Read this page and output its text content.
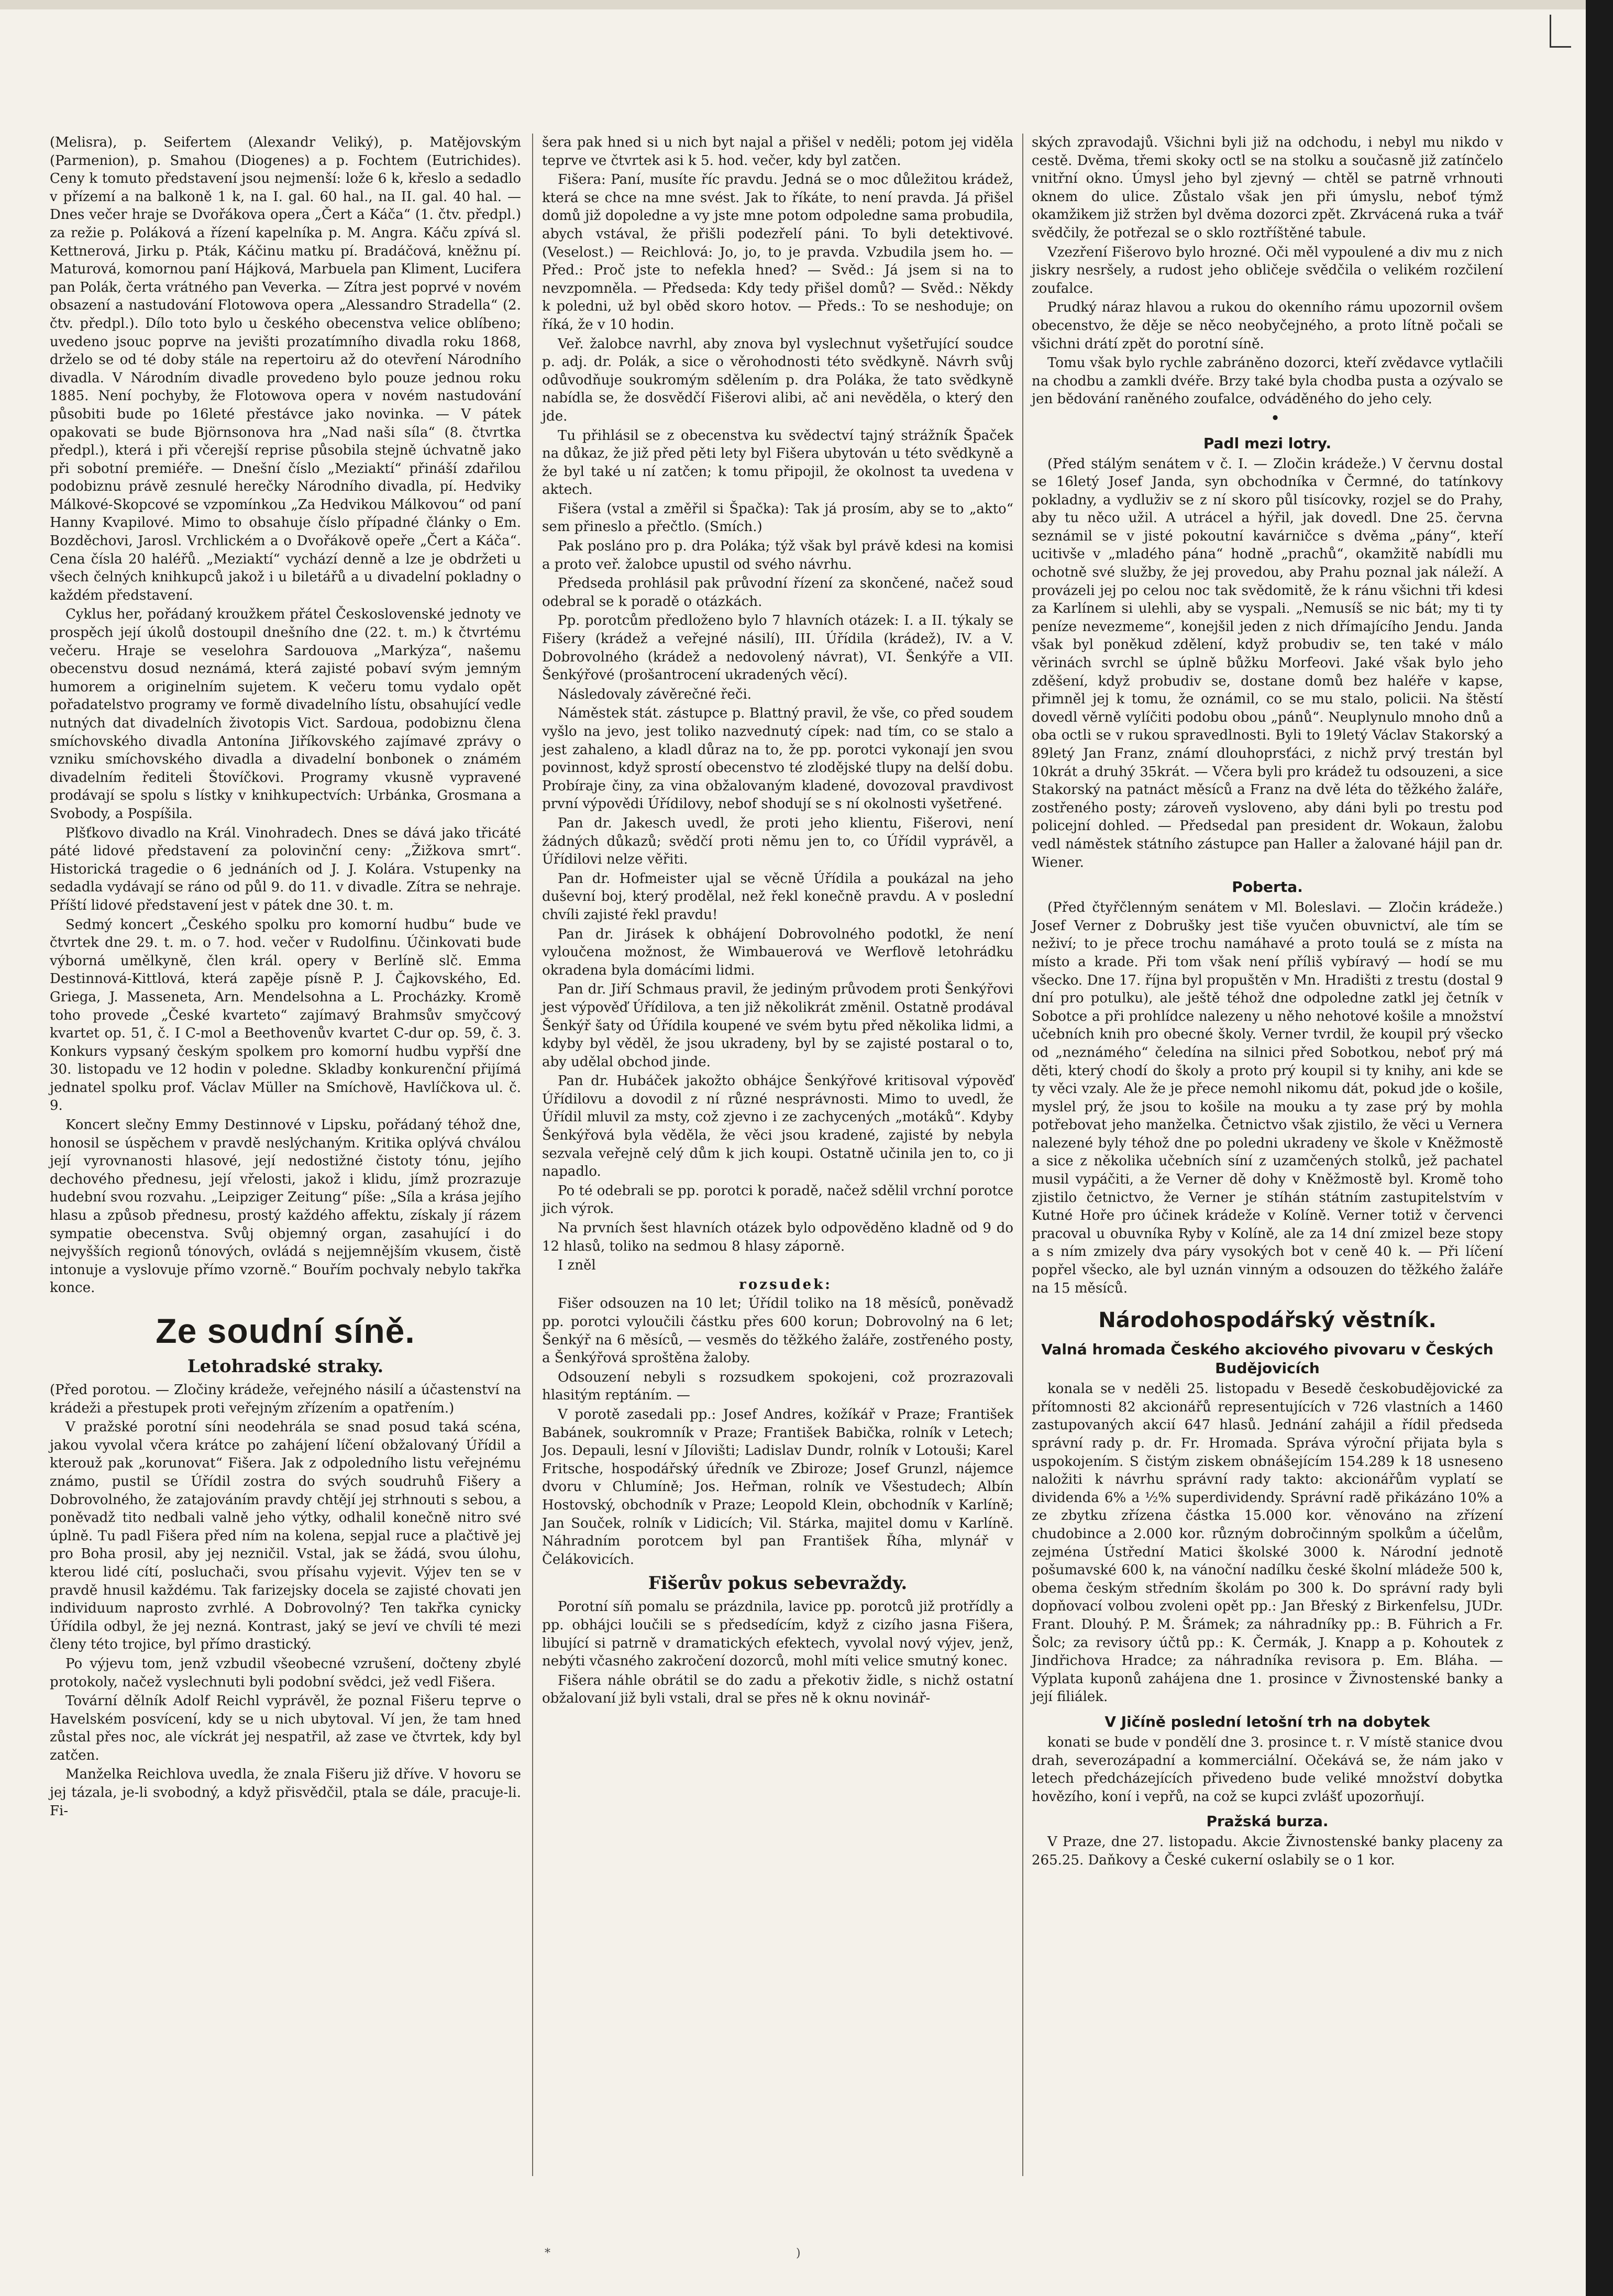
(Melisra), p. Seifertem (Alexandr Veliký), p. Matějovským (Parmenion), p. Smahou (Diogenes) a p. Fochtem (Eutrichides). Ceny k tomuto představení jsou nejmenší: lože 6 k, křeslo a sedadlo v přízemí a na balkoně 1 k, na I. gal. 60 hal., na II. gal. 40 hal. — Dnes večer hraje se Dvořákova opera „Čert a Káča“ (1. čtv. předpl.) za režie p. Poláková a řízení kapelníka p. M. Angra. Káču zpívá sl. Kettnerová, Jirku p. Pták, Káčinu matku pí. Bradáčová, kněžnu pí. Maturová, komornou paní Hájková, Marbuela pan Kliment, Lucifera pan Polák, čerta vrátného pan Veverka. — Zítra jest poprvé v novém obsazení a nastudování Flotowova opera „Alessandro Stradella“ (2. čtv. předpl.). Dílo toto bylo u českého obecenstva velice oblíbeno; uvedeno jsouc poprve na jevišti prozatímního divadla roku 1868, drželo se od té doby stále na repertoiru až do otevření Národního divadla. V Národním divadle provedeno bylo pouze jednou roku 1885. Není pochyby, že Flotowova opera v novém nastudování působiti bude po 16leté přestávce jako novinka. — V pátek opakovati se bude Björnsonova hra „Nad naši síla“ (8. čtvrtka předpl.), která i při včerejší reprise působila stejně úchvatně jako při sobotní premiéře. — Dnešní číslo „Meziaktí“ přináší zdařilou podobiznu právě zesnulé herečky Národního divadla, pí. Hedviky Málkové-Skopcové se vzpomínkou „Za Hedvikou Málkovou“ od paní Hanny Kvapilové. Mimo to obsahuje číslo případné články o Em. Bozděchovi, Jarosl. Vrchlickém a o Dvořákově opeře „Čert a Káča“. Cena čísla 20 haléřů. „Meziaktí“ vychází denně a lze je obdržeti u všech čelných knihkupců jakož i u biletářů a u divadelní pokladny o každém představení.

Cyklus her, pořádaný kroužkem přátel Československé jednoty ve prospěch její úkolů dostoupil dnešního dne (22. t. m.) k čtvrtému večeru. Hraje se veselohra Sardouova „Markýza“, našemu obecenstvu dosud neznámá, která zajisté pobaví svým jemným humorem a originelním sujetem. K večeru tomu vydalo opět pořadatelstvo programy ve formě divadelního lístu, obsahující vedle nutných dat divadelních životopis Vict. Sardoua, podobiznu člena smíchovského divadla Antonína Jiříkovského zajímavé zprávy o vzniku smíchovského divadla a divadelní bonbonek o známém divadelním řediteli Štovíčkovi. Programy vkusně vypravené prodávají se spolu s lístky v knihkupectvích: Urbánka, Grosmana a Svobody, a Pospíšila.

Plšťkovo divadlo na Král. Vinohradech. Dnes se dává jako třicáté páté lidové představení za polovinční ceny: „Žižkova smrt“. Historická tragedie o 6 jednáních od J. J. Kolára. Vstupenky na sedadla vydávají se ráno od půl 9. do 11. v divadle. Zítra se nehraje. Příští lidové představení jest v pátek dne 30. t. m.

Sedmý koncert „Českého spolku pro komorní hudbu“ bude ve čtvrtek dne 29. t. m. o 7. hod. večer v Rudolfinu. Účinkovati bude výborná umělkyně, člen král. opery v Berlíně slč. Emma Destinnová-Kittlová, která zapěje písně P. J. Čajkovského, Ed. Griega, J. Masseneta, Arn. Mendelsohna a L. Procházky. Kromě toho provede „České kvarteto“ zajímavý Brahmsův smyčcový kvartet op. 51, č. I C-mol a Beethovenův kvartet C-dur op. 59, č. 3. Konkurs vypsaný českým spolkem pro komorní hudbu vypřší dne 30. listopadu ve 12 hodin v poledne. Skladby konkurenční přijímá jednatel spolku prof. Václav Müller na Smíchově, Havlíčkova ul. č. 9.

Koncert slečny Emmy Destinnové v Lipsku, pořádaný téhož dne, honosil se úspěchem v pravdě neslýchaným. Kritika oplývá chválou její vyrovnanosti hlasové, její nedostižné čistoty tónu, jejího dechového přednesu, její vřelosti, jakož i klidu, jímž prozrazuje hudební svou rozvahu. „Leipziger Zeitung“ píše: „Síla a krása jejího hlasu a způsob přednesu, prostý každého affektu, získaly jí rázem sympatie obecenstva. Svůj objemný organ, zasahující i do nejvyšších regionů tónových, ovládá s nejjemnějším vkusem, čistě intonuje a vyslovuje přímo vzorně.“ Bouřím pochvaly nebylo takřka konce.

Ze soudní síně.
Letohradské straky.

(Před porotou. — Zločiny krádeže, veřejného násilí a účastenství na krádeži a přestupek proti veřejným zřízením a opatřením.)

V pražské porotní síni neodehrála se snad posud taká scéna, jakou vyvolal včera krátce po zahájení líčení obžalovaný Úřídil a kterouž pak „korunovat“ Fišera. Jak z odpoledního listu veřejnému známo, pustil se Úřídil zostra do svých soudruhů Fišery a Dobrovolného, že zatajováním pravdy chtějí jej strhnouti s sebou, a poněvadž tito nedbali valně jeho výtky, odhalil konečně nitro své úplně. Tu padl Fišera před ním na kolena, sepjal ruce a plačtivě jej pro Boha prosil, aby jej nezničil. Vstal, jak se žádá, svou úlohu, kterou lidé cítí, posluchači, svou přísahu vyjevit. Výjev ten se v pravdě hnusil každému. Tak farizejsky docela se zajisté chovati jen individuum naprosto zvrhlé. A Dobrovolný? Ten takřka cynicky Úřídila odbyl, že jej nezná. Kontrast, jaký se jeví ve chvíli té mezi členy této trojice, byl přímo drastický.

Po výjevu tom, jenž vzbudil všeobecné vzrušení, dočteny zbylé protokoly, načež vyslechnuti byli podobní svědci, jež vedl Fišera.

Tovární dělník Adolf Reichl vyprávěl, že poznal Fišeru teprve o Havelském posvícení, kdy se u nich ubytoval. Ví jen, že tam hned zůstal přes noc, ale víckrát jej nespatřil, až zase ve čtvrtek, kdy byl zatčen.

Manželka Reichlova uvedla, že znala Fišeru již dříve. V hovoru se jej tázala, je-li svobodný, a když přisvědčil, ptala se dále, pracuje-li. Fi-

šera pak hned si u nich byt najal a přišel v neděli; potom jej viděla teprve ve čtvrtek asi k 5. hod. večer, kdy byl zatčen.

Fišera: Paní, musíte říc pravdu. Jedná se o moc důležitou krádež, která se chce na mne svést. Jak to říkáte, to není pravda. Já přišel domů již dopoledne a vy jste mne potom odpoledne sama probudila, abych vstával, že přišli podezřelí páni. To byli detektivové. (Veselost.) — Reichlová: Jo, jo, to je pravda. Vzbudila jsem ho. — Před.: Proč jste to nefekla hned? — Svěd.: Já jsem si na to nevzpomněla. — Předseda: Kdy tedy přišel domů? — Svěd.: Někdy k poledni, už byl oběd skoro hotov. — Předs.: To se neshoduje; on říká, že v 10 hodin.

Veř. žalobce navrhl, aby znova byl vyslechnut vyšetřující soudce p. adj. dr. Polák, a sice o věrohodnosti této svědkyně. Návrh svůj odůvodňuje soukromým sdělením p. dra Poláka, že tato svědkyně nabídla se, že dosvědčí Fišerovi alibi, ač ani nevěděla, o který den jde.

Tu přihlásil se z obecenstva ku svědectví tajný strážník Špaček na důkaz, že již před pěti lety byl Fišera ubytován u této svědkyně a že byl také u ní zatčen; k tomu připojil, že okolnost ta uvedena v aktech.

Fišera (vstal a změřil si Špačka): Tak já prosím, aby se to „akto“ sem přineslo a přečtlo. (Smích.)

Pak posláno pro p. dra Poláka; týž však byl právě kdesi na komisi a proto veř. žalobce upustil od svého návrhu.

Předseda prohlásil pak průvodní řízení za skončené, načež soud odebral se k poradě o otázkách.

Pp. porotcům předloženo bylo 7 hlavních otázek: I. a II. týkaly se Fišery (krádež a veřejné násilí), III. Úřídila (krádež), IV. a V. Dobrovolného (krádež a nedovolený návrat), VI. Šenkýře a VII. Šenkýřové (prošantrocení ukradených věcí).

Následovaly závěrečné řeči.

Náměstek stát. zástupce p. Blattný pravil, že vše, co před soudem vyšlo na jevo, jest toliko nazvednutý cípek: nad tím, co se stalo a jest zahaleno, a kladl důraz na to, že pp. porotci vykonají jen svou povinnost, když sprostí obecenstvo té zlodějské tlupy na delší dobu. Probíraje činy, za vina obžalovaným kladené, dovozoval pravdivost první výpovědi Úřídilovy, nebof shodují se s ní okolnosti vyšetřené.

Pan dr. Jakesch uvedl, že proti jeho klientu, Fišerovi, není žádných důkazů; svědčí proti němu jen to, co Úřídil vyprávěl, a Úřídilovi nelze věřiti.

Pan dr. Hofmeister ujal se věcně Úřídila a poukázal na jeho duševní boj, který prodělal, než řekl konečně pravdu. A v poslední chvíli zajisté řekl pravdu!

Pan dr. Jirásek k obhájení Dobrovolného podotkl, že není vyloučena možnost, že Wimbauerová ve Werflově letohrádku okradena byla domácími lidmi.

Pan dr. Jiří Schmaus pravil, že jediným průvodem proti Šenkýřovi jest výpověď Úřídilova, a ten již několikrát změnil. Ostatně prodával Šenkýř šaty od Úřídila koupené ve svém bytu před několika lidmi, a kdyby byl věděl, že jsou ukradeny, byl by se zajisté postaral o to, aby udělal obchod jinde.

Pan dr. Hubáček jakožto obhájce Šenkýřové kritisoval výpověď Úřídilovu a dovodil z ní různé nesprávnosti. Mimo to uvedl, že Úřídil mluvil za msty, což zjevno i ze zachycených „motáků“. Kdyby Šenkýřová byla věděla, že věci jsou kradené, zajisté by nebyla sezvala veřejně celý dům k jich koupi. Ostatně učinila jen to, co ji napadlo.

Po té odebrali se pp. porotci k poradě, načež sdělil vrchní porotce jich výrok.

Na prvních šest hlavních otázek bylo odpověděno kladně od 9 do 12 hlasů, toliko na sedmou 8 hlasy záporně.

I zněl

rozsudek:

Fišer odsouzen na 10 let; Úřídil toliko na 18 měsíců, poněvadž pp. porotci vyloučili částku přes 600 korun; Dobrovolný na 6 let; Šenkýř na 6 měsíců, — vesměs do těžkého žaláře, zostřeného posty, a Šenkýřová sproštěna žaloby.

Odsouzení nebyli s rozsudkem spokojeni, což prozrazovali hlasitým reptáním. —

V porotě zasedali pp.: Josef Andres, kožíkář v Praze; František Babánek, soukromník v Praze; František Babička, rolník v Letech; Jos. Depauli, lesní v Jílovišti; Ladislav Dundr, rolník v Lotouši; Karel Fritsche, hospodářský úředník ve Zbiroze; Josef Grunzl, nájemce dvoru v Chlumíně; Jos. Heřman, rolník ve Všestudech; Albín Hostovský, obchodník v Praze; Leopold Klein, obchodník v Karlíně; Jan Souček, rolník v Lidicích; Vil. Stárka, majitel domu v Karlíně. Náhradním porotcem byl pan František Říha, mlynář v Čelákovicích.

Fišerův pokus sebevraždy.

Porotní síň pomalu se prázdnila, lavice pp. porotců již protřídly a pp. obhájci loučili se s předsedícím, když z cizího jasna Fišera, libující si patrně v dramatických efektech, vyvolal nový výjev, jenž, nebýti včasného zakročení dozorců, mohl míti velice smutný konec.

Fišera náhle obrátil se do zadu a překotiv židle, s nichž ostatní obžalovaní již byli vstali, dral se přes ně k oknu novinář-

ských zpravodajů. Všichni byli již na odchodu, i nebyl mu nikdo v cestě. Dvěma, třemi skoky octl se na stolku a současně již zatínčelo vnitřní okno. Úmysl jeho byl zjevný — chtěl se patrně vrhnouti oknem do ulice. Zůstalo však jen při úmyslu, neboť týmž okamžikem již stržen byl dvěma dozorci zpět. Zkrvácená ruka a tvář svědčily, že potřezal se o sklo roztříštěné tabule.

Vzezření Fišerovo bylo hrozné. Oči měl vypoulené a div mu z nich jiskry nesršely, a rudost jeho obličeje svědčila o velikém rozčilení zoufalce.

Prudký náraz hlavou a rukou do okenního rámu upozornil ovšem obecenstvo, že děje se něco neobyčejného, a proto lítně počali se všichni drátí zpět do porotní síně.

Tomu však bylo rychle zabráněno dozorci, kteří zvědavce vytlačili na chodbu a zamkli dvéře. Brzy také byla chodba pusta a ozývalo se jen bědování raněného zoufalce, odváděného do jeho cely.

•

Padl mezi lotry.

(Před stálým senátem v č. I. — Zločin krádeže.) V červnu dostal se 16letý Josef Janda, syn obchodníka v Čermné, do tatínkovy pokladny, a vydluživ se z ní skoro půl tisícovky, rozjel se do Prahy, aby tu něco užil. A utrácel a hýřil, jak dovedl. Dne 25. června seznámil se v jisté pokoutní kavárničce s dvěma „pány“, kteří ucitivše v „mladého pána“ hodně „prachů“, okamžitě nabídli mu ochotně své služby, že jej provedou, aby Prahu poznal jak náleží. A provázeli jej po celou noc tak svědomitě, že k ránu všichni tři kdesi za Karlínem si ulehli, aby se vyspali. „Nemusíš se nic bát; my ti ty peníze nevezmeme“, konejšil jeden z nich dřímajícího Jendu. Janda však byl poněkud zdělení, když probudiv se, ten také v málo věrinách svrchl se úplně bůžku Morfeovi. Jaké však bylo jeho zděšení, když probudiv se, dostane domů bez haléře v kapse, přimněl jej k tomu, že oznámil, co se mu stalo, policii. Na štěstí dovedl věrně vylíčiti podobu obou „pánů“. Neuplynulo mnoho dnů a oba octli se v rukou spravedlnosti. Byli to 19letý Václav Stakorský a 89letý Jan Franz, známí dlouhoprsťáci, z nichž prvý trestán byl 10krát a druhý 35krát. — Včera byli pro krádež tu odsouzeni, a sice Stakorský na patnáct měsíců a Franz na dvě léta do těžkého žaláře, zostřeného posty; zároveň vysloveno, aby dáni byli po trestu pod policejní dohled. — Předsedal pan president dr. Wokaun, žalobu vedl náměstek státního zástupce pan Haller a žalované hájil pan dr. Wiener.

Poberta.

(Před čtyřčlenným senátem v Ml. Boleslavi. — Zločin krádeže.) Josef Verner z Dobrušky jest tiše vyučen obuvnictví, ale tím se neživí; to je přece trochu namáhavé a proto toulá se z místa na místo a krade. Při tom však není příliš vybíravý — hodí se mu všecko. Dne 17. října byl propuštěn v Mn. Hradišti z trestu (dostal 9 dní pro potulku), ale ještě téhož dne odpoledne zatkl jej četník v Sobotce a při prohlídce nalezeny u něho nehotové košile a množství učebních knih pro obecné školy. Verner tvrdil, že koupil prý všecko od „neznámého“ čeledína na silnici před Sobotkou, neboť prý má děti, který chodí do školy a proto prý koupil si ty knihy, ani kde se ty věci vzaly. Ale že je přece nemohl nikomu dát, pokud jde o košile, myslel prý, že jsou to košile na mouku a ty zase prý by mohla potřebovat jeho manželka. Četnictvo však zjistilo, že věci u Vernera nalezené byly téhož dne po poledni ukradeny ve škole v Kněžmostě a sice z několika učebních síní z uzamčených stolků, jež pachatel musil vypáčiti, a že Verner dě dohy v Kněžmostě byl. Kromě toho zjistilo četnictvo, že Verner je stíhán státním zastupitelstvím v Kutné Hoře pro účinek krádeže v Kolíně. Verner totiž v červenci pracoval u obuvníka Ryby v Kolíně, ale za 14 dní zmizel beze stopy a s ním zmizely dva páry vysokých bot v ceně 40 k. — Při líčení popřel všecko, ale byl uznán vinným a odsouzen do těžkého žaláře na 15 měsíců.

Národohospodářský věstník.
Valná hromada Českého akciového pivovaru v Českých Budějovicích

konala se v neděli 25. listopadu v Besedě českobudějovické za přítomnosti 82 akcionářů representujících v 726 vlastních a 1460 zastupovaných akcií 647 hlasů. Jednání zahájil a řídil předseda správní rady p. dr. Fr. Hromada. Správa výroční přijata byla s uspokojením. S čistým ziskem obnášejícím 154.289 k 18 usneseno naložiti k návrhu správní rady takto: akcionářům vyplatí se dividenda 6% a ½% superdividendy. Správní radě přikázáno 10% a ze zbytku zřízena částka 15.000 kor. věnováno na zřízení chudobince a 2.000 kor. různým dobročinným spolkům a účelům, zejména Ústřední Matici školské 3000 k. Národní jednotě pošumavské 600 k, na vánoční nadílku české školní mládeže 500 k, obema českým středním školám po 300 k. Do správní rady byli dopňovací volbou zvoleni opět pp.: Jan Břeský z Birkenfelsu, JUDr. Frant. Dlouhý. P. M. Šrámek; za náhradníky pp.: B. Führich a Fr. Šolc; za revisory účtů pp.: K. Čermák, J. Knapp a p. Kohoutek z Jindřichova Hradce; za náhradníka revisora p. Em. Bláha. — Výplata kuponů zahájena dne 1. prosince v Živnostenské banky a její filiálek.

V Jičíně poslední letošní trh na dobytek

konati se bude v pondělí dne 3. prosince t. r. V místě stanice dvou drah, severozápadní a kommerciální. Očekává se, že nám jako v letech předcházejících přivedeno bude veliké množství dobytka hovězího, koní i vepřů, na což se kupci zvlášť upozorňují.

Pražská burza.

V Praze, dne 27. listopadu. Akcie Živnostenské banky placeny za 265.25. Daňkovy a České cukerní oslabily se o 1 kor.

*	)
